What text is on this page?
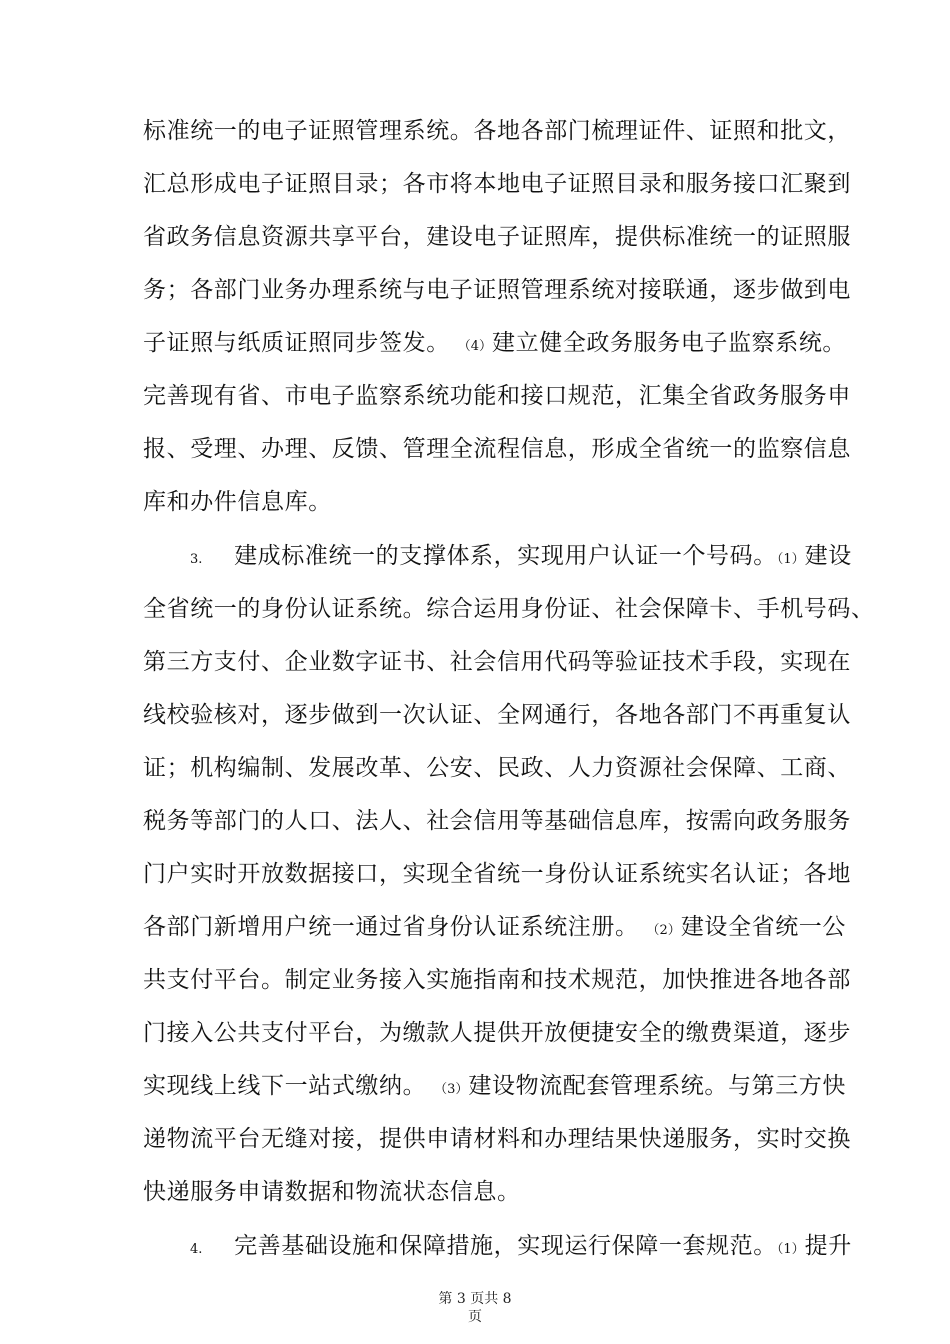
标准统一的电子证照管理系统。各地各部门梳理证件、证照和批文，
汇总形成电子证照目录；各市将本地电子证照目录和服务接口汇聚到
省政务信息资源共享平台，建设电子证照库，提供标准统一的证照服
务；各部门业务办理系统与电子证照管理系统对接联通，逐步做到电
子证照与纸质证照同步签发。 （4）建立健全政务服务电子监察系统。
完善现有省、市电子监察系统功能和接口规范，汇集全省政务服务申
报、受理、办理、反馈、管理全流程信息，形成全省统一的监察信息
库和办件信息库。
3. 建成标准统一的支撑体系，实现用户认证一个号码。（1）建设
全省统一的身份认证系统。综合运用身份证、社会保障卡、手机号码、
第三方支付、企业数字证书、社会信用代码等验证技术手段，实现在
线校验核对，逐步做到一次认证、全网通行，各地各部门不再重复认
证；机构编制、发展改革、公安、民政、人力资源社会保障、工商、
税务等部门的人口、法人、社会信用等基础信息库，按需向政务服务
门户实时开放数据接口，实现全省统一身份认证系统实名认证；各地
各部门新增用户统一通过省身份认证系统注册。 （2）建设全省统一公
共支付平台。制定业务接入实施指南和技术规范，加快推进各地各部
门接入公共支付平台，为缴款人提供开放便捷安全的缴费渠道，逐步
实现线上线下一站式缴纳。 （3）建设物流配套管理系统。与第三方快
递物流平台无缝对接，提供申请材料和办理结果快递服务，实时交换
快递服务申请数据和物流状态信息。
4. 完善基础设施和保障措施，实现运行保障一套规范。（1）提升
第 3 页共 8
页
